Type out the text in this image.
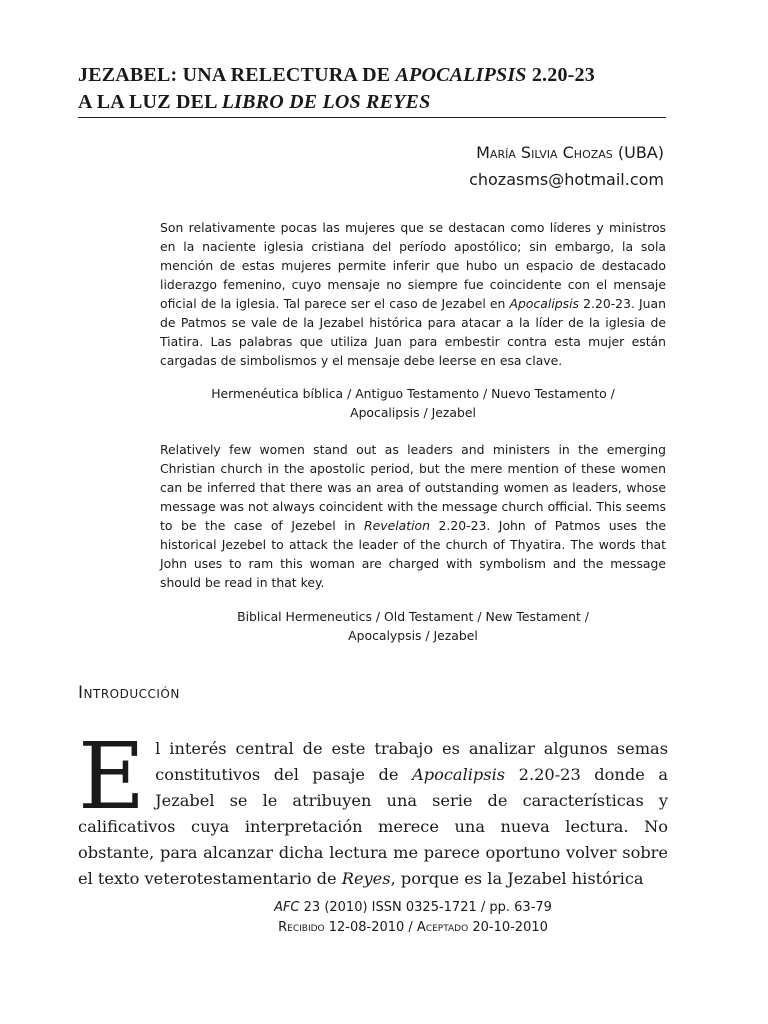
JEZABEL: UNA RELECTURA DE APOCALIPSIS 2.20-23
A LA LUZ DEL LIBRO DE LOS REYES
María Silvia Chozas (UBA)
chozasms@hotmail.com

Son relativamente pocas las mujeres que se destacan como líderes y ministros en la naciente iglesia cristiana del período apostólico; sin embargo, la sola mención de estas mujeres permite inferir que hubo un espacio de destacado liderazgo femenino, cuyo mensaje no siempre fue coincidente con el mensaje oficial de la iglesia. Tal parece ser el caso de Jezabel en Apocalipsis 2.20-23. Juan de Patmos se vale de la Jezabel histórica para atacar a la líder de la iglesia de Tiatira. Las palabras que utiliza Juan para embestir contra esta mujer están cargadas de simbolismos y el mensaje debe leerse en esa clave.

Hermenéutica bíblica / Antiguo Testamento / Nuevo Testamento /
Apocalipsis / Jezabel

Relatively few women stand out as leaders and ministers in the emerging Christian church in the apostolic period, but the mere mention of these women can be inferred that there was an area of outstanding women as leaders, whose message was not always coincident with the message church official. This seems to be the case of Jezebel in Revelation 2.20-23. John of Patmos uses the historical Jezebel to attack the leader of the church of Thyatira. The words that John uses to ram this woman are charged with symbolism and the message should be read in that key.

Biblical Hermeneutics / Old Testament / New Testament /
Apocalypsis / Jezabel

Introducción

El interés central de este trabajo es analizar algunos semas constitutivos del pasaje de Apocalipsis 2.20-23 donde a Jezabel se le atribuyen una serie de características y calificativos cuya interpretación merece una nueva lectura. No obstante, para alcanzar dicha lectura me parece oportuno volver sobre el texto veterotestamentario de Reyes, porque es la Jezabel histórica

AFC 23 (2010) ISSN 0325-1721 / pp. 63-79
Recibido 12-08-2010 / Aceptado 20-10-2010
